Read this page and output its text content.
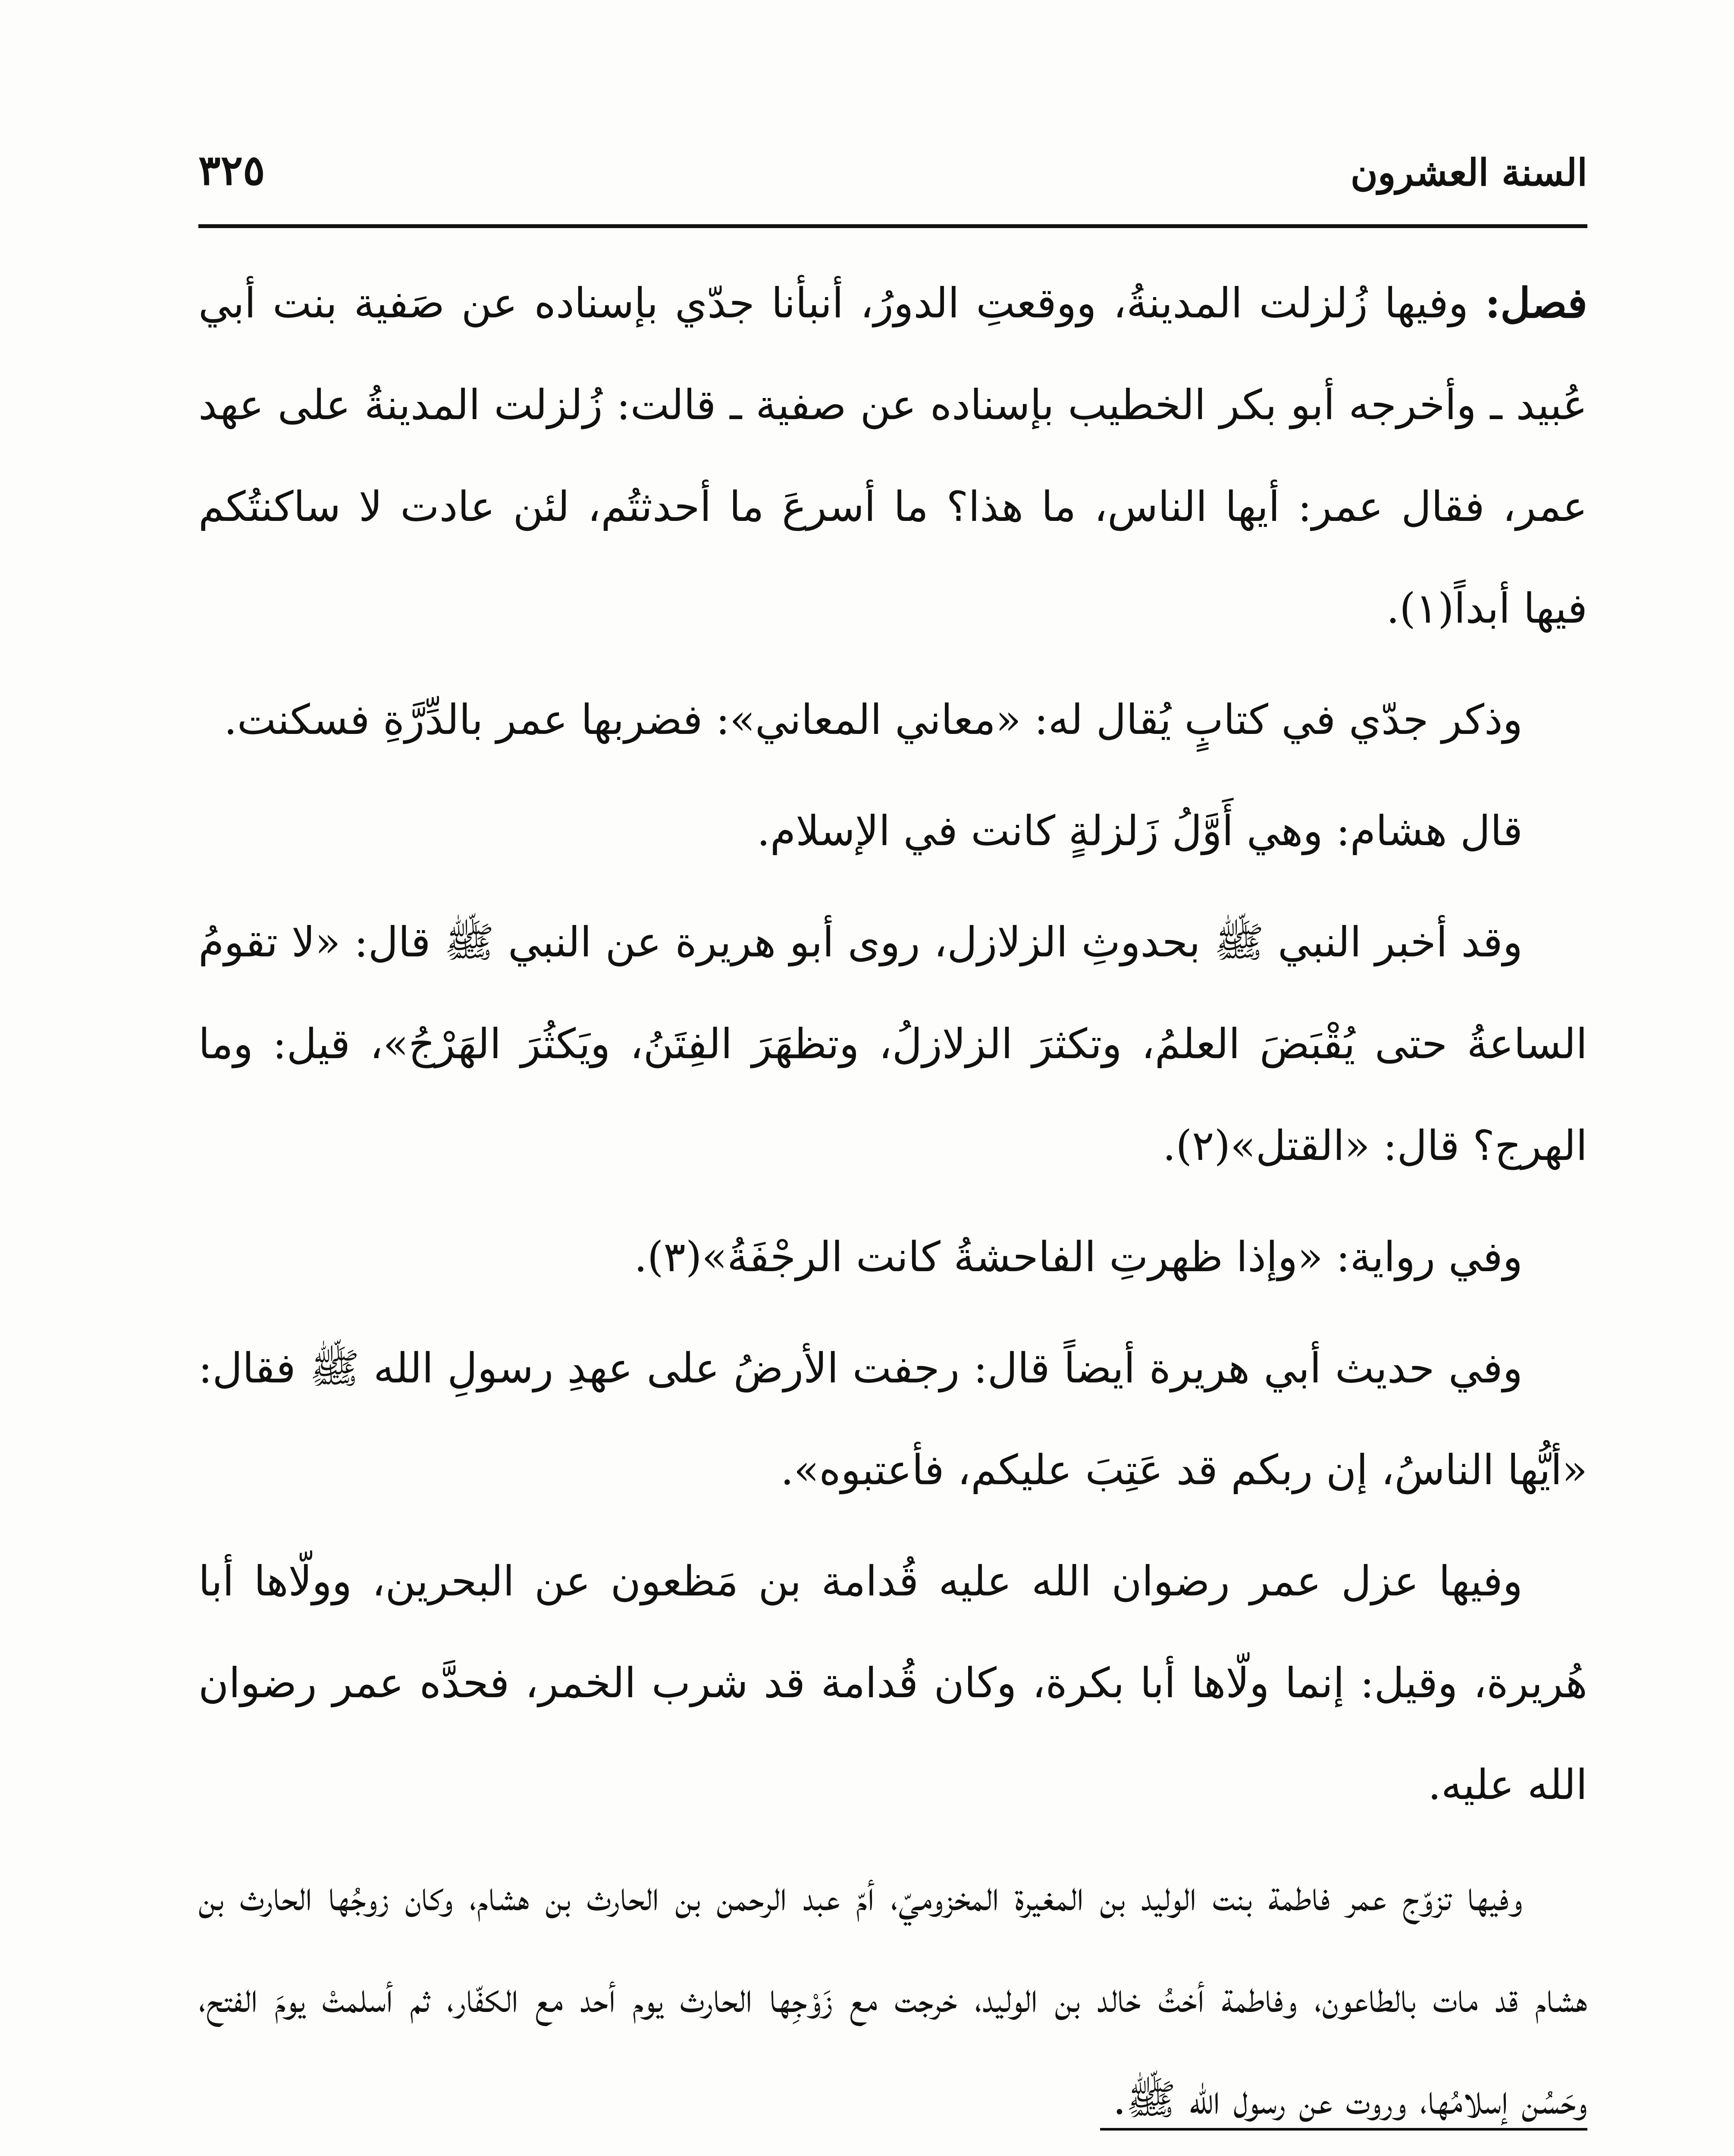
السنة العشرون
٣٢٥

فصل: وفيها زُلزلت المدينةُ، ووقعتِ الدورُ، أنبأنا جدّي بإسناده عن صَفية بنت أبي عُبيد ـ وأخرجه أبو بكر الخطيب بإسناده عن صفية ـ قالت: زُلزلت المدينةُ على عهد عمر، فقال عمر: أيها الناس، ما هذا؟ ما أسرعَ ما أحدثتُم، لئن عادت لا ساكنتُكم فيها أبداً(١).

وذكر جدّي في كتابٍ يُقال له: «معاني المعاني»: فضربها عمر بالدِّرَّةِ فسكنت.

قال هشام: وهي أَوَّلُ زَلزلةٍ كانت في الإسلام.

وقد أخبر النبي ﷺ بحدوثِ الزلازل، روى أبو هريرة عن النبي ﷺ قال: «لا تقومُ الساعةُ حتى يُقْبَضَ العلمُ، وتكثرَ الزلازلُ، وتظهَرَ الفِتَنُ، ويَكثُرَ الهَرْجُ»، قيل: وما الهرج؟ قال: «القتل»(٢).

وفي رواية: «وإذا ظهرتِ الفاحشةُ كانت الرجْفَةُ»(٣).

وفي حديث أبي هريرة أيضاً قال: رجفت الأرضُ على عهدِ رسولِ الله ﷺ فقال: «أيُّها الناسُ، إن ربكم قد عَتِبَ عليكم، فأعتبوه».

وفيها عزل عمر رضوان الله عليه قُدامة بن مَظعون عن البحرين، وولّاها أبا هُريرة، وقيل: إنما ولّاها أبا بكرة، وكان قُدامة قد شرب الخمر، فحدَّه عمر رضوان الله عليه.

وفيها تزوّج عمر فاطمة بنت الوليد بن المغيرة المخزوميّ، أمّ عبد الرحمن بن الحارث بن هشام، وكان زوجُها الحارث بن هشام قد مات بالطاعون، وفاطمة أختُ خالد بن الوليد، خرجت مع زَوْجِها الحارث يوم أحد مع الكفّار، ثم أسلمتْ يومَ الفتح، وحَسُن إسلامُها، وروت عن رسول الله ﷺ.
